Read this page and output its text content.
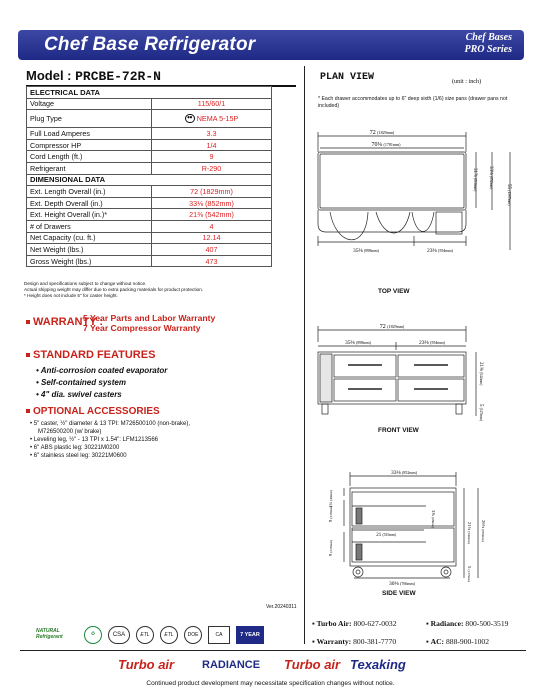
Chef Base Refrigerator	Chef Bases
PRO Series
Model : PRCBE-72R-N
ELECTRICAL DATA	
Voltage	115/60/1
Plug Type	⦁⦁ NEMA 5-15P
Full Load Amperes	3.3
Compressor HP	1/4
Cord Length (ft.)	9
Refrigerant	R-290
DIMENSIONAL DATA	
Ext. Length Overall (in.)	72 (1829mm)
Ext. Depth Overall (in.)	33⅛ (852mm)
Ext. Height Overall (in.)*	21⅜ (542mm)
# of Drawers	4
Net Capacity (cu. ft.)	12.14
Net Weight (lbs.)	407
Gross Weight (lbs.)	473
Design and specifications subject to change without notice.
Actual shipping weight may differ due to extra packing materials for product protection.
* Height does not include 5" for caster height.
WARRANTY :
5 Year Parts and Labor Warranty
7 Year Compressor Warranty
STANDARD FEATURES
• Anti-corrosion coated evaporator
• Self-contained system
• 4" dia. swivel casters
OPTIONAL ACCESSORIES
• 5" caster, ½" diameter & 13 TPI: M726500100 (non-brake),
M726500200 (w/ brake)
• Leveling leg, ½" - 13 TPI x 1.54": LFM1213566
• 6" ABS plastic leg: 30221M0200
• 6" stainless steel leg: 30221M0600
Ver.20240311
PLAN VIEW	(unit : inch)
* Each drawer accommodates up to 6" deep sixth (1/6) size pans (drawer pans not included)
72 (1829mm)
70⅛ (1781mm)
31⅞ (810mm)
33⅛ (852mm)	55 (1397mm)
35⅜ (898mm)	23⅜ (594mm)
TOP VIEW
72 (1829mm)
35⅜ (898mm)	23⅜ (594mm)
21⅜ (542mm)
5 (127mm)
FRONT VIEW
33⅛ (852mm)
1¾ (44mm)
9 (229mm)	3⅞ (98mm)
21 (535mm)
9 (229mm)
21⅜ (542mm)
26⅜ (669mm)
5 (127mm)
30⅛ (766mm)
SIDE VIEW
NATURAL Refrigerant	♻	CSA	ETL	ETL	DOE	CA	7 YEAR
▪ Turbo Air: 800-627-0032	▪ Radiance: 800-500-3519
▪ Warranty: 800-381-7770	▪ AC: 888-900-1002
Turbo air	RADIANCE Turbo air Texaking
Continued product development may necessitate specification changes without notice.
